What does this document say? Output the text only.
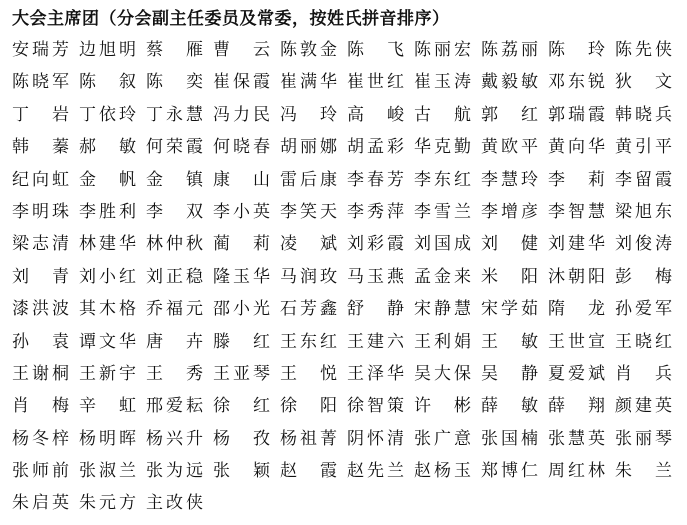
大会主席团（分会副主任委员及常委，按姓氏拼音排序）
安 瑞 芳 边 旭 明 蔡 雁 曹 云 陈 敦 金 陈 飞 陈 丽 宏 陈 荔 丽 陈 玲 陈 先 侠
陈 晓 军 陈 叙 陈 奕 崔 保 霞 崔 满 华 崔 世 红 崔 玉 涛 戴 毅 敏 邓 东 锐 狄 文
丁 岩 丁 依 玲 丁 永 慧 冯 力 民 冯 玲 高 峻 古 航 郭 红 郭 瑞 霞 韩 晓 兵
韩 蓁 郝 敏 何 荣 霞 何 晓 春 胡 丽 娜 胡 孟 彩 华 克 勤 黄 欧 平 黄 向 华 黄 引 平
纪 向 虹 金 帆 金 镇 康 山 雷 后 康 李 春 芳 李 东 红 李 慧 玲 李 莉 李 留 霞
李 明 珠 李 胜 利 李 双 李 小 英 李 笑 天 李 秀 萍 李 雪 兰 李 增 彦 李 智 慧 梁 旭 东
梁 志 清 林 建 华 林 仲 秋 蔺 莉 凌 斌 刘 彩 霞 刘 国 成 刘 健 刘 建 华 刘 俊 涛
刘 青 刘 小 红 刘 正 稳 隆 玉 华 马 润 玫 马 玉 燕 孟 金 来 米 阳 沐 朝 阳 彭 梅
漆 洪 波 其 木 格 乔 福 元 邵 小 光 石 芳 鑫 舒 静 宋 静 慧 宋 学 茹 隋 龙 孙 爱 军
孙 袁 谭 文 华 唐 卉 滕 红 王 东 红 王 建 六 王 利 娟 王 敏 王 世 宣 王 晓 红
王 谢 桐 王 新 宇 王 秀 王 亚 琴 王 悦 王 泽 华 吴 大 保 吴 静 夏 爱 斌 肖 兵
肖 梅 辛 虹 邢 爱 耘 徐 红 徐 阳 徐 智 策 许 彬 薛 敏 薛 翔 颜 建 英
杨 冬 梓 杨 明 晖 杨 兴 升 杨 孜 杨 祖 菁 阴 怀 清 张 广 意 张 国 楠 张 慧 英 张 丽 琴
张 师 前 张 淑 兰 张 为 远 张 颖 赵 霞 赵 先 兰 赵 杨 玉 郑 博 仁 周 红 林 朱 兰
朱 启 英 朱 元 方 主 改 侠
